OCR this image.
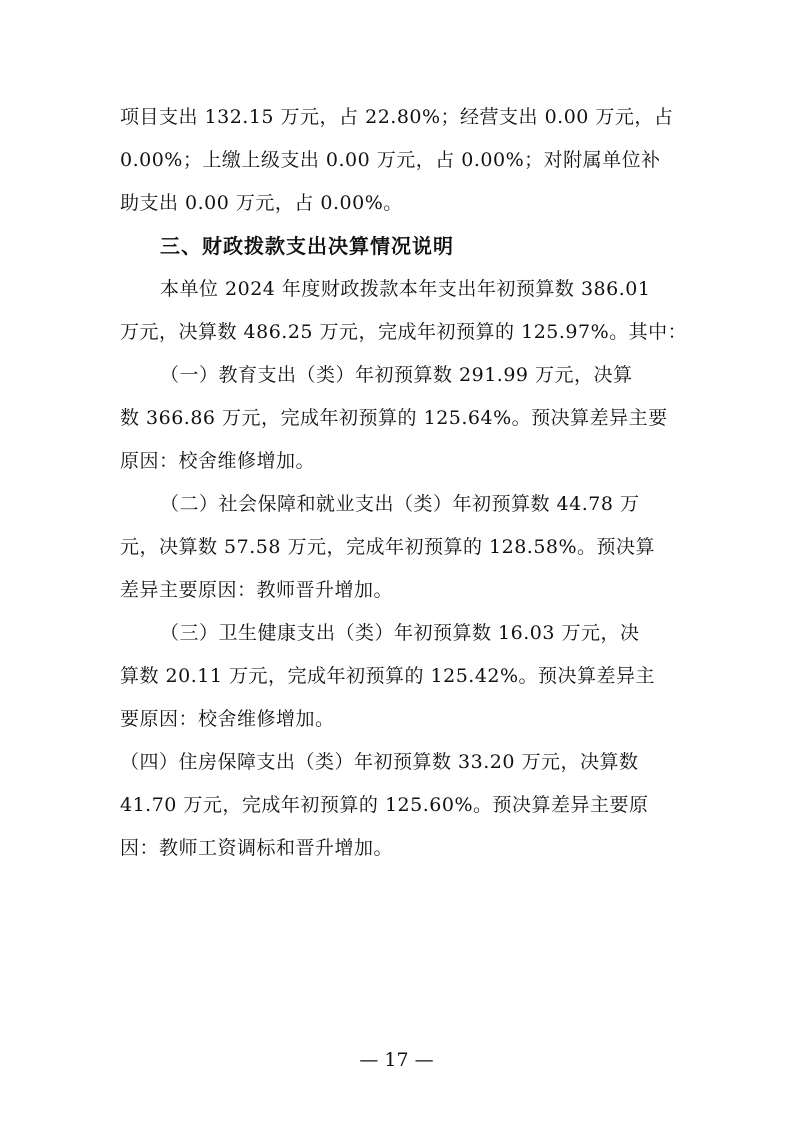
项目支出 132.15 万元，占 22.80%；经营支出 0.00 万元，占
0.00%；上缴上级支出 0.00 万元，占 0.00%；对附属单位补
助支出 0.00 万元，占 0.00%。
三、财政拨款支出决算情况说明
本单位 2024 年度财政拨款本年支出年初预算数 386.01
万元，决算数 486.25 万元，完成年初预算的 125.97%。其中：
（一）教育支出（类）年初预算数 291.99 万元，决算
数 366.86 万元，完成年初预算的 125.64%。预决算差异主要
原因：校舍维修增加。
（二）社会保障和就业支出（类）年初预算数 44.78 万
元，决算数 57.58 万元，完成年初预算的 128.58%。预决算
差异主要原因：教师晋升增加。
（三）卫生健康支出（类）年初预算数 16.03 万元，决
算数 20.11 万元，完成年初预算的 125.42%。预决算差异主
要原因：校舍维修增加。
（四）住房保障支出（类）年初预算数 33.20 万元，决算数
41.70 万元，完成年初预算的 125.60%。预决算差异主要原
因：教师工资调标和晋升增加。
— 17 —
